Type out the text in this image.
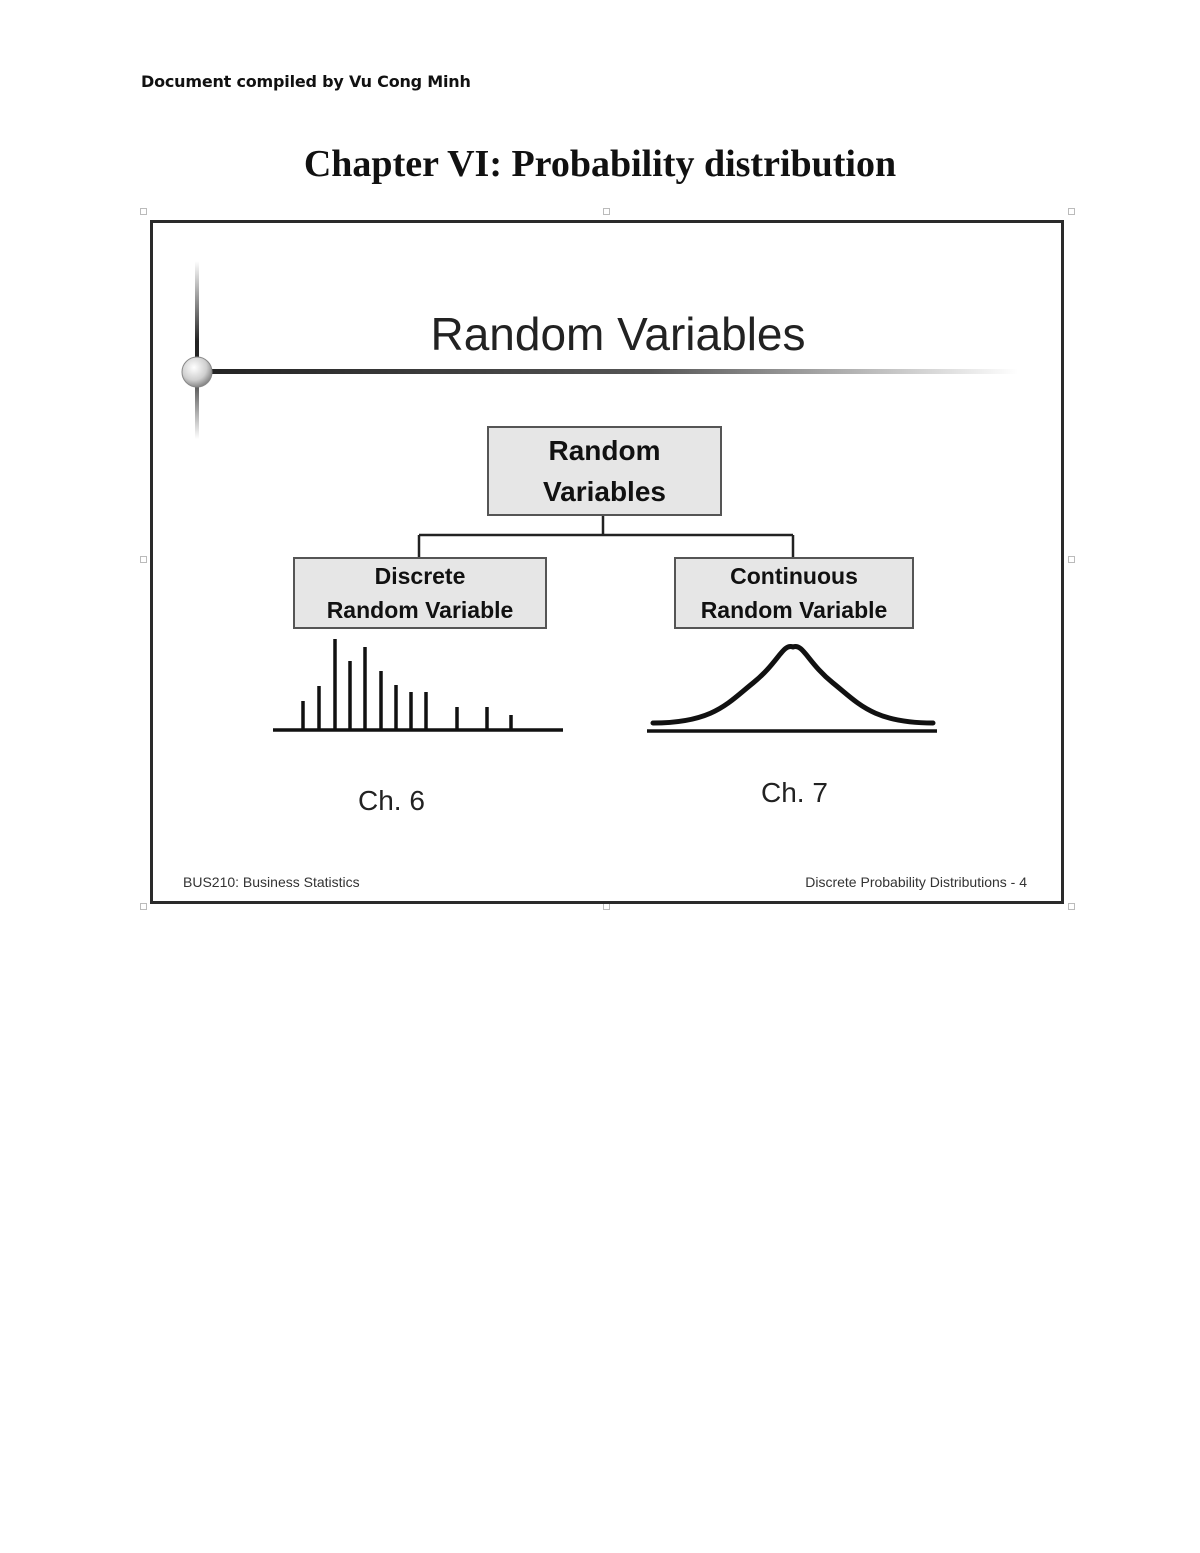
Document compiled by Vu Cong Minh
Chapter VI: Probability distribution
Random Variables
Random
Variables
Discrete
Random Variable
Continuous
Random Variable
Ch. 6	Ch. 7
BUS210: Business Statistics	Discrete Probability Distributions - 4
